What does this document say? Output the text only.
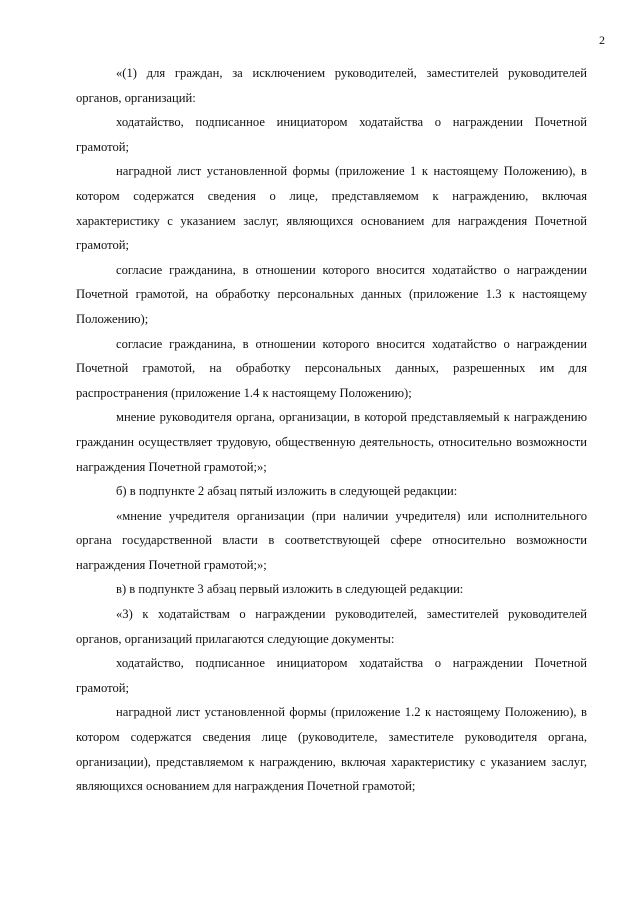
2

«(1) для граждан, за исключением руководителей, заместителей руководителей органов, организаций:

ходатайство, подписанное инициатором ходатайства о награждении Почетной грамотой;

наградной лист установленной формы (приложение 1 к настоящему Положению), в котором содержатся сведения о лице, представляемом к награждению, включая характеристику с указанием заслуг, являющихся основанием для награждения Почетной грамотой;

согласие гражданина, в отношении которого вносится ходатайство о награждении Почетной грамотой, на обработку персональных данных (приложение 1.3 к настоящему Положению);

согласие гражданина, в отношении которого вносится ходатайство о награждении Почетной грамотой, на обработку персональных данных, разрешенных им для распространения (приложение 1.4 к настоящему Положению);

мнение руководителя органа, организации, в которой представляемый к награждению гражданин осуществляет трудовую, общественную деятельность, относительно возможности награждения Почетной грамотой;»;

б) в подпункте 2 абзац пятый изложить в следующей редакции:

«мнение учредителя организации (при наличии учредителя) или исполнительного органа государственной власти в соответствующей сфере относительно возможности награждения Почетной грамотой;»;

в) в подпункте 3 абзац первый изложить в следующей редакции:

«3) к ходатайствам о награждении руководителей, заместителей руководителей органов, организаций прилагаются следующие документы:

ходатайство, подписанное инициатором ходатайства о награждении Почетной грамотой;

наградной лист установленной формы (приложение 1.2 к настоящему Положению), в котором содержатся сведения лице (руководителе, заместителе руководителя органа, организации), представляемом к награждению, включая характеристику с указанием заслуг, являющихся основанием для награждения Почетной грамотой;
